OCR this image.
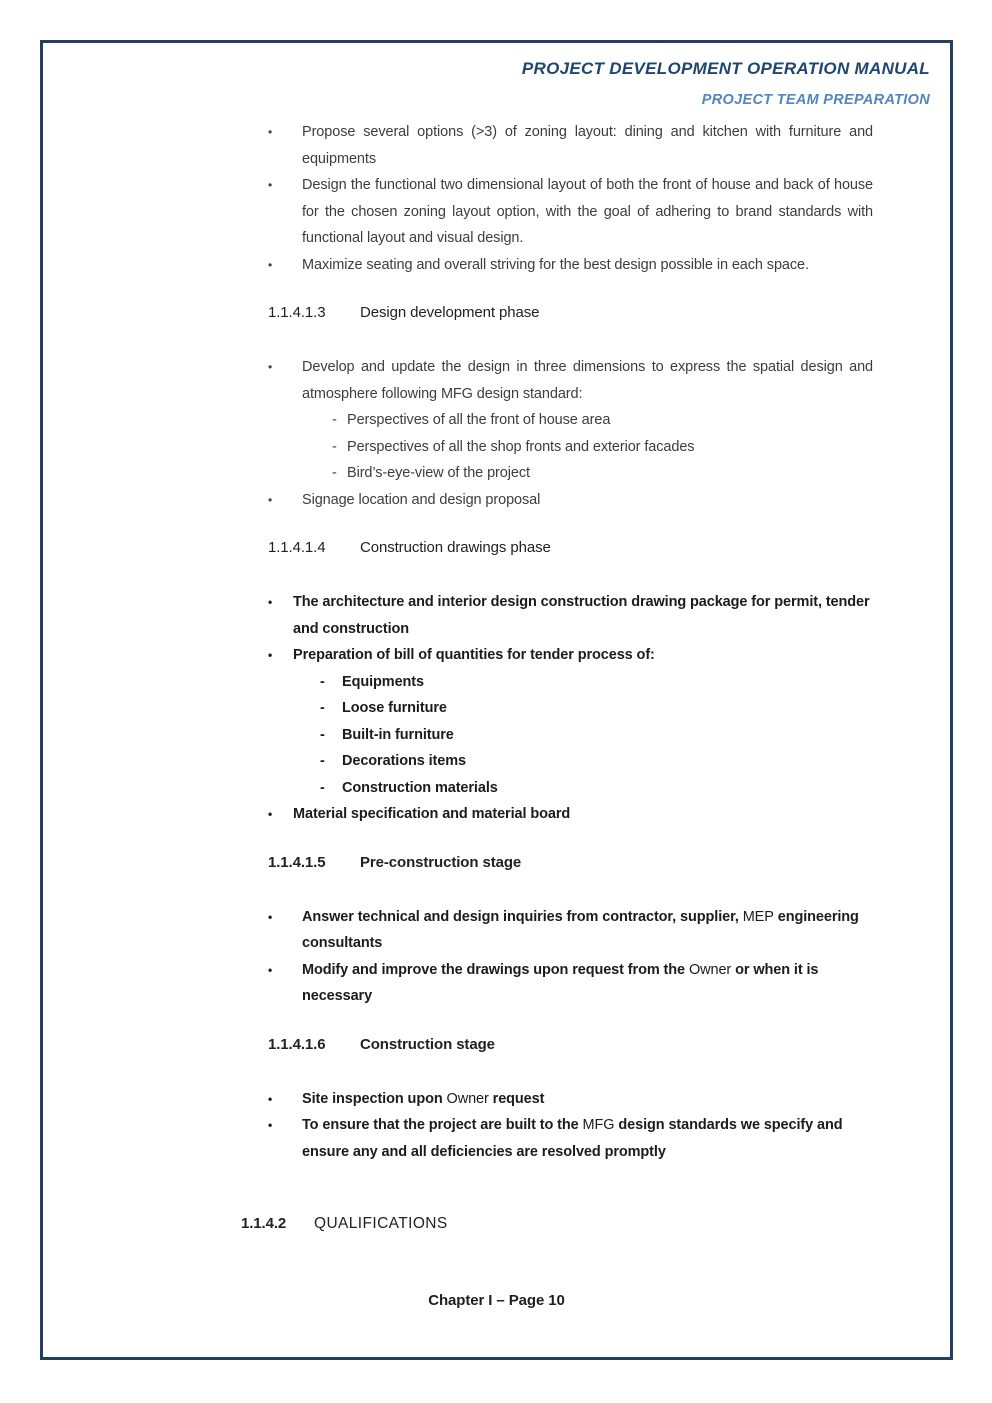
PROJECT DEVELOPMENT OPERATION MANUAL
PROJECT TEAM PREPARATION
•	Propose several options (>3) of zoning layout: dining and kitchen with furniture and equipments
•	Design the functional two dimensional layout of both the front of house and back of house for the chosen zoning layout option, with the goal of adhering to brand standards with functional layout and visual design.
•	Maximize seating and overall striving for the best design possible in each space.
1.1.4.1.3 Design development phase
•	Develop and update the design in three dimensions to express the spatial design and atmosphere following MFG design standard:
- Perspectives of all the front of house area
- Perspectives of all the shop fronts and exterior facades
- Bird’s-eye-view of the project
•	Signage location and design proposal
1.1.4.1.4 Construction drawings phase
•	The architecture and interior design construction drawing package for permit, tender and construction
•	Preparation of bill of quantities for tender process of:
-	Equipments
-	Loose furniture
-	Built-in furniture
-	Decorations items
-	Construction materials
•	Material specification and material board
1.1.4.1.5 Pre-construction stage
•	Answer technical and design inquiries from contractor, supplier, MEP engineering consultants
•	Modify and improve the drawings upon request from the Owner or when it is necessary
1.1.4.1.6 Construction stage
•	Site inspection upon Owner request
•	To ensure that the project are built to the MFG design standards we specify and ensure any and all deficiencies are resolved promptly
1.1.4.2 QUALIFICATIONS
Chapter I – Page 10
